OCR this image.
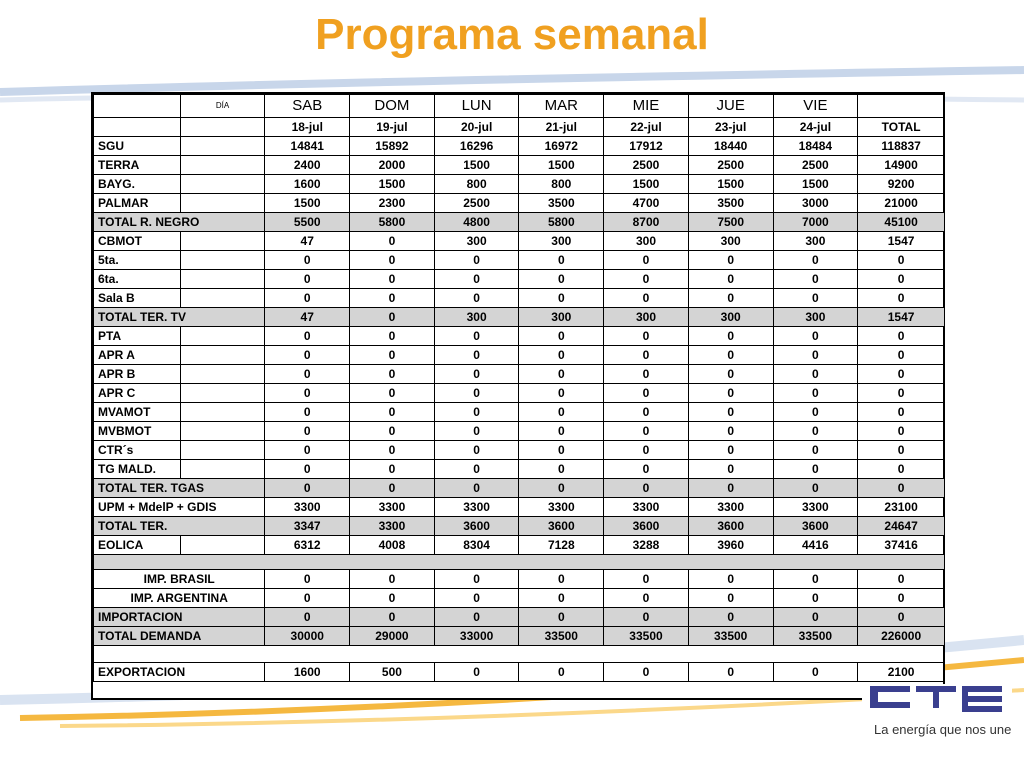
Programa semanal
	DÍA	SAB	DOM	LUN	MAR	MIE	JUE	VIE	
		18-jul	19-jul	20-jul	21-jul	22-jul	23-jul	24-jul	TOTAL
SGU		14841	15892	16296	16972	17912	18440	18484	118837
TERRA		2400	2000	1500	1500	2500	2500	2500	14900
BAYG.		1600	1500	800	800	1500	1500	1500	9200
PALMAR		1500	2300	2500	3500	4700	3500	3000	21000
TOTAL R. NEGRO		5500	5800	4800	5800	8700	7500	7000	45100
CBMOT		47	0	300	300	300	300	300	1547
5ta.		0	0	0	0	0	0	0	0
6ta.		0	0	0	0	0	0	0	0
Sala B		0	0	0	0	0	0	0	0
TOTAL TER. TV		47	0	300	300	300	300	300	1547
PTA		0	0	0	0	0	0	0	0
APR A		0	0	0	0	0	0	0	0
APR B		0	0	0	0	0	0	0	0
APR C		0	0	0	0	0	0	0	0
MVAMOT		0	0	0	0	0	0	0	0
MVBMOT		0	0	0	0	0	0	0	0
CTR´s		0	0	0	0	0	0	0	0
TG MALD.		0	0	0	0	0	0	0	0
TOTAL TER. TGAS		0	0	0	0	0	0	0	0
UPM + MdelP + GDIS		3300	3300	3300	3300	3300	3300	3300	23100
TOTAL TER.		3347	3300	3600	3600	3600	3600	3600	24647
EOLICA		6312	4008	8304	7128	3288	3960	4416	37416

IMP. BRASIL		0	0	0	0	0	0	0	0
IMP. ARGENTINA		0	0	0	0	0	0	0	0
IMPORTACION		0	0	0	0	0	0	0	0
TOTAL DEMANDA		30000	29000	33000	33500	33500	33500	33500	226000

EXPORTACION		1600	500	0	0	0	0	0	2100
La energía que nos une
